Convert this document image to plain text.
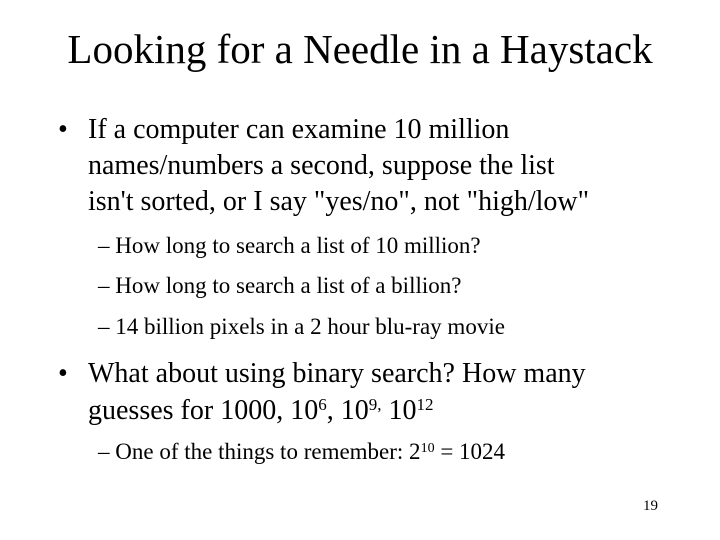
Looking for a Needle in a Haystack
• If a computer can examine 10 million
names/numbers a second, suppose the list
isn't sorted, or I say "yes/no", not "high/low"
– How long to search a list of 10 million?
– How long to search a list of a billion?
– 14 billion pixels in a 2 hour blu-ray movie
• What about using binary search? How many
guesses for 1000, $10^6$, $10^{9,}$ $10^{12}$
– One of the things to remember: $2^{10} = 1024$
19
